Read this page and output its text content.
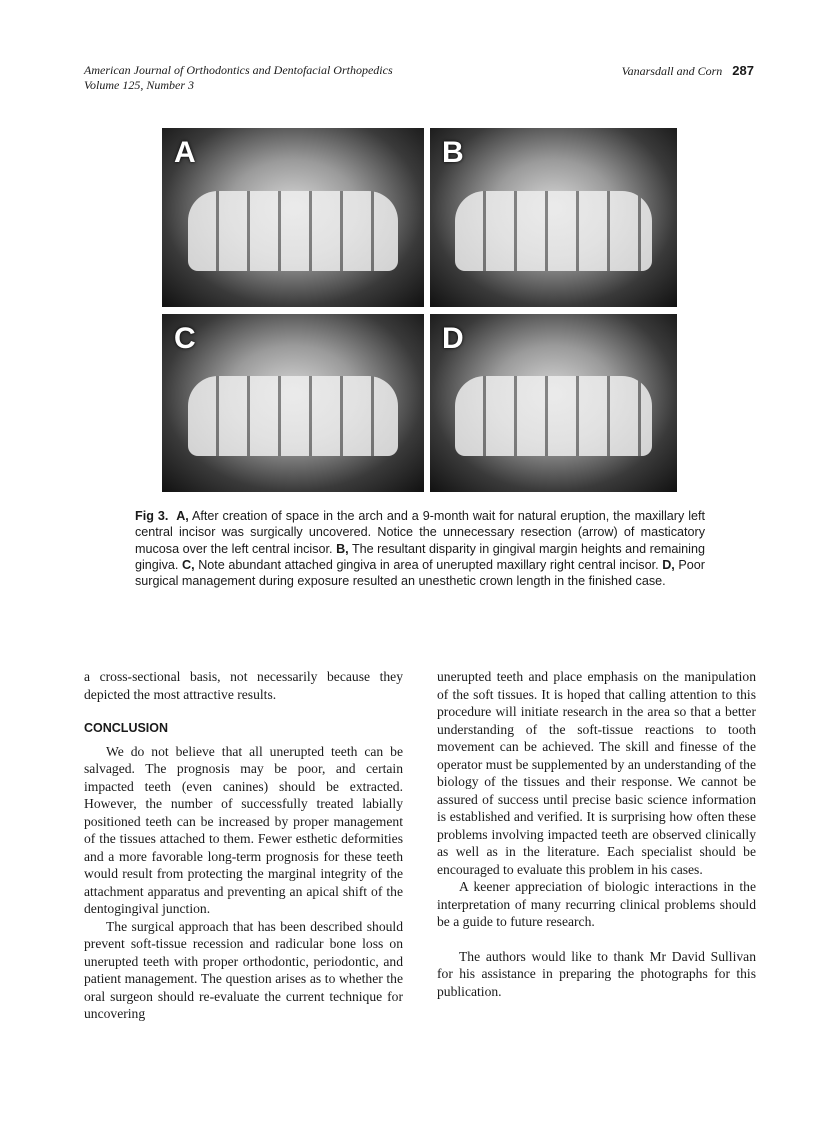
American Journal of Orthodontics and Dentofacial Orthopedics
Volume 125, Number 3
Vanarsdall and Corn 287
A	B
C	D
Fig 3. A, After creation of space in the arch and a 9-month wait for natural eruption, the maxillary left central incisor was surgically uncovered. Notice the unnecessary resection (arrow) of masticatory mucosa over the left central incisor. B, The resultant disparity in gingival margin heights and remaining gingiva. C, Note abundant attached gingiva in area of unerupted maxillary right central incisor. D, Poor surgical management during exposure resulted an unesthetic crown length in the finished case.

a cross-sectional basis, not necessarily because they depicted the most attractive results.

CONCLUSION

We do not believe that all unerupted teeth can be salvaged. The prognosis may be poor, and certain impacted teeth (even canines) should be extracted. However, the number of successfully treated labially positioned teeth can be increased by proper management of the tissues attached to them. Fewer esthetic deformities and a more favorable long-term prognosis for these teeth would result from protecting the marginal integrity of the attachment apparatus and preventing an apical shift of the dentogingival junction.

The surgical approach that has been described should prevent soft-tissue recession and radicular bone loss on unerupted teeth with proper orthodontic, periodontic, and patient management. The question arises as to whether the oral surgeon should re-evaluate the current technique for uncovering

unerupted teeth and place emphasis on the manipulation of the soft tissues. It is hoped that calling attention to this procedure will initiate research in the area so that a better understanding of the soft-tissue reactions to tooth movement can be achieved. The skill and finesse of the operator must be supplemented by an understanding of the biology of the tissues and their response. We cannot be assured of success until precise basic science information is established and verified. It is surprising how often these problems involving impacted teeth are observed clinically as well as in the literature. Each specialist should be encouraged to evaluate this problem in his cases.

A keener appreciation of biologic interactions in the interpretation of many recurring clinical problems should be a guide to future research.

The authors would like to thank Mr David Sullivan for his assistance in preparing the photographs for this publication.
